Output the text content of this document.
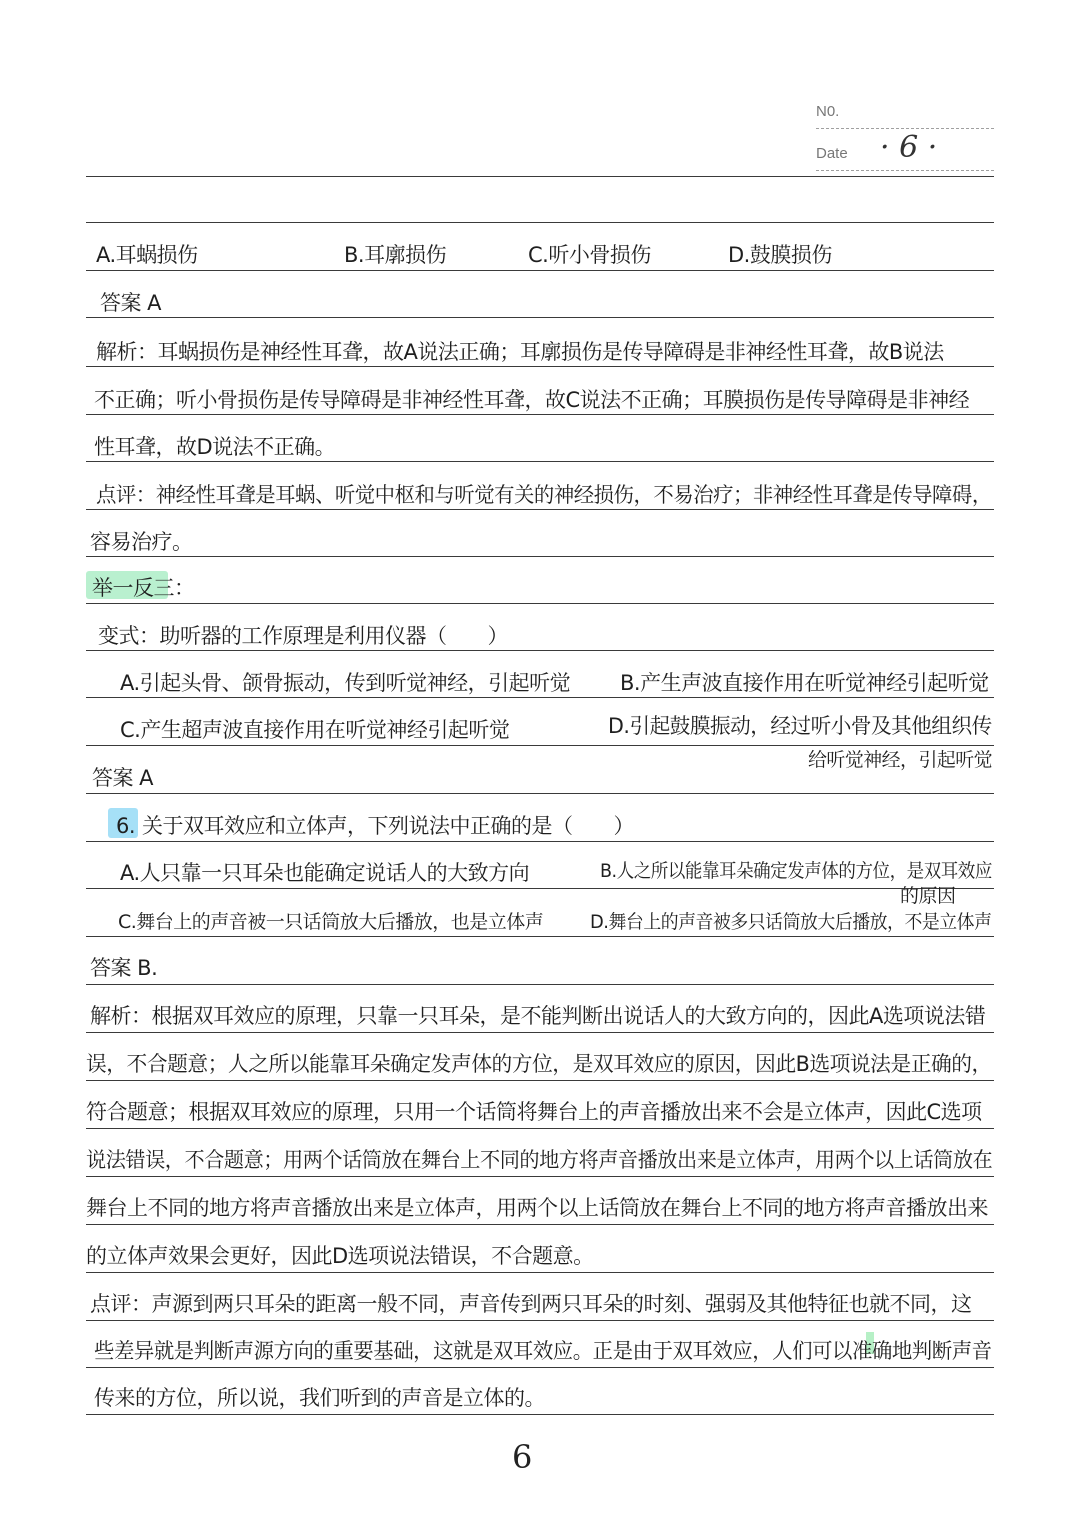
N0.
Date · 6 ·
A.耳蜗损伤	B.耳廓损伤	C.听小骨损伤	D.鼓膜损伤
答案 A
解析：耳蜗损伤是神经性耳聋，故A说法正确；耳廓损伤是传导障碍是非神经性耳聋，故B说法
不正确；听小骨损伤是传导障碍是非神经性耳聋，故C说法不正确；耳膜损伤是传导障碍是非神经
性耳聋，故D说法不正确。
点评：神经性耳聋是耳蜗、听觉中枢和与听觉有关的神经损伤，不易治疗；非神经性耳聋是传导障碍，
容易治疗。
举一反三：
变式：助听器的工作原理是利用仪器（　　）
A.引起头骨、颌骨振动，传到听觉神经，引起听觉 B.产生声波直接作用在听觉神经引起听觉
C.产生超声波直接作用在听觉神经引起听觉	D.引起鼓膜振动，经过听小骨及其他组织传
给听觉神经，引起听觉
答案 A
6. 关于双耳效应和立体声，下列说法中正确的是（　　）
A.人只靠一只耳朵也能确定说话人的大致方向	B.人之所以能靠耳朵确定发声体的方位，是双耳效应
的原因
C.舞台上的声音被一只话筒放大后播放，也是立体声 D.舞台上的声音被多只话筒放大后播放，不是立体声
答案 B.
解析：根据双耳效应的原理，只靠一只耳朵，是不能判断出说话人的大致方向的，因此A选项说法错
误，不合题意；人之所以能靠耳朵确定发声体的方位，是双耳效应的原因，因此B选项说法是正确的，
符合题意；根据双耳效应的原理，只用一个话筒将舞台上的声音播放出来不会是立体声，因此C选项
说法错误，不合题意；用两个话筒放在舞台上不同的地方将声音播放出来是立体声，用两个以上话筒放在
舞台上不同的地方将声音播放出来是立体声，用两个以上话筒放在舞台上不同的地方将声音播放出来
的立体声效果会更好，因此D选项说法错误，不合题意。
点评：声源到两只耳朵的距离一般不同，声音传到两只耳朵的时刻、强弱及其他特征也就不同，这
些差异就是判断声源方向的重要基础，这就是双耳效应。正是由于双耳效应，人们可以准确地判断声音
传来的方位，所以说，我们听到的声音是立体的。
6
